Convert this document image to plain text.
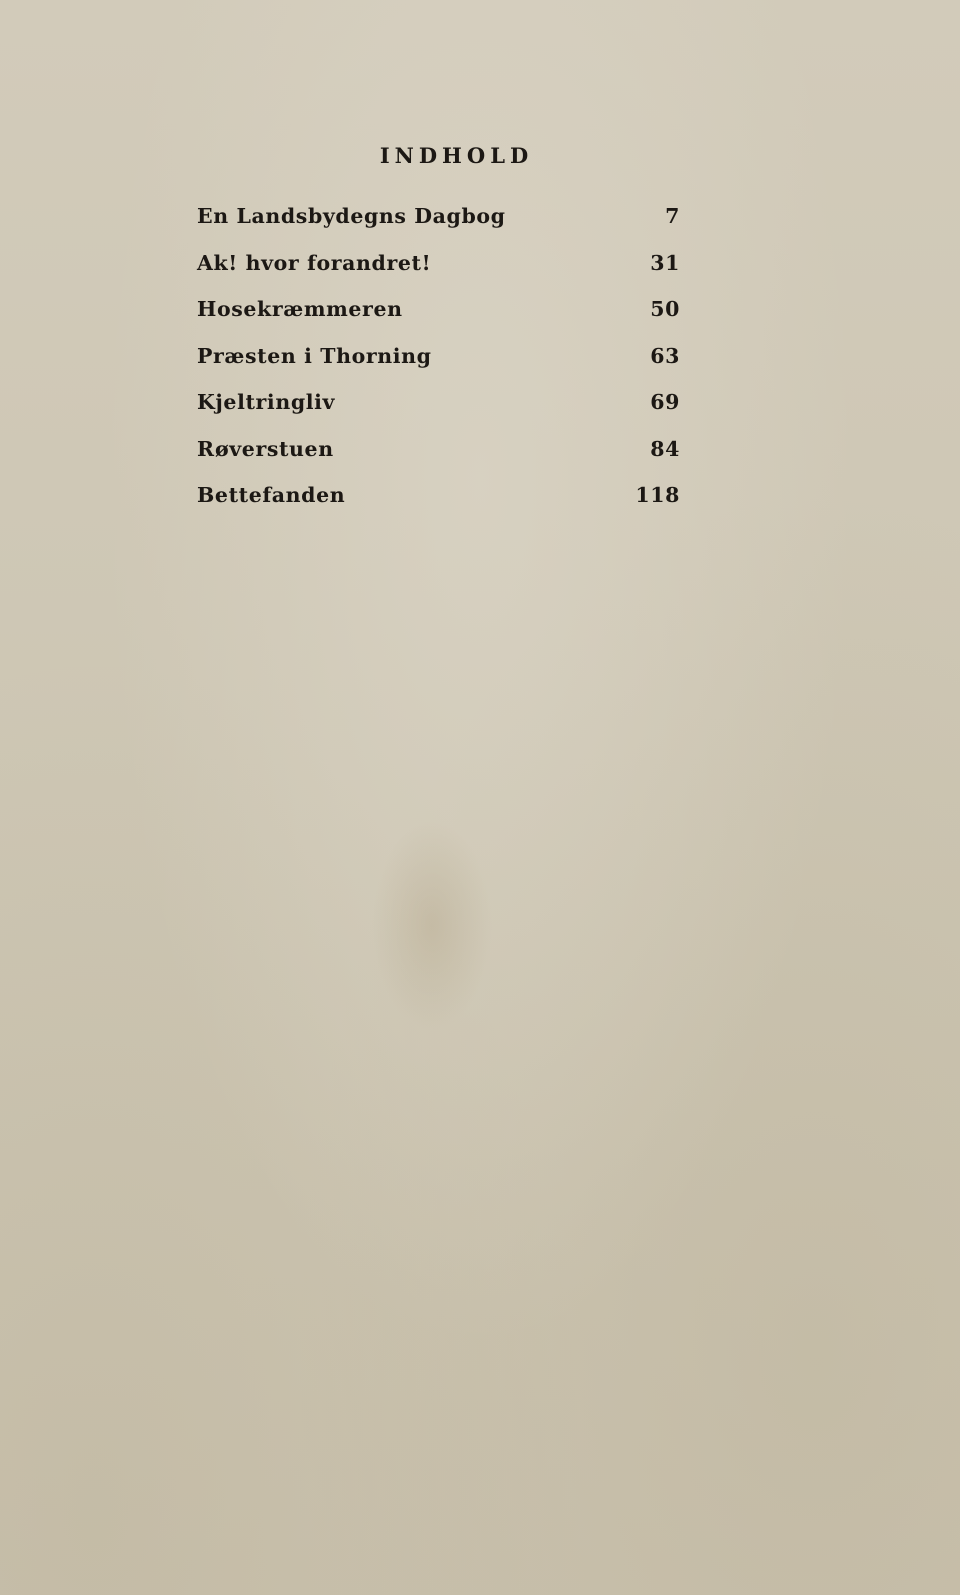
INDHOLD
En Landsbydegns Dagbog	7
Ak! hvor forandret!	31
Hosekræmmeren	50
Præsten i Thorning	63
Kjeltringliv	69
Røverstuen	84
Bettefanden	118
